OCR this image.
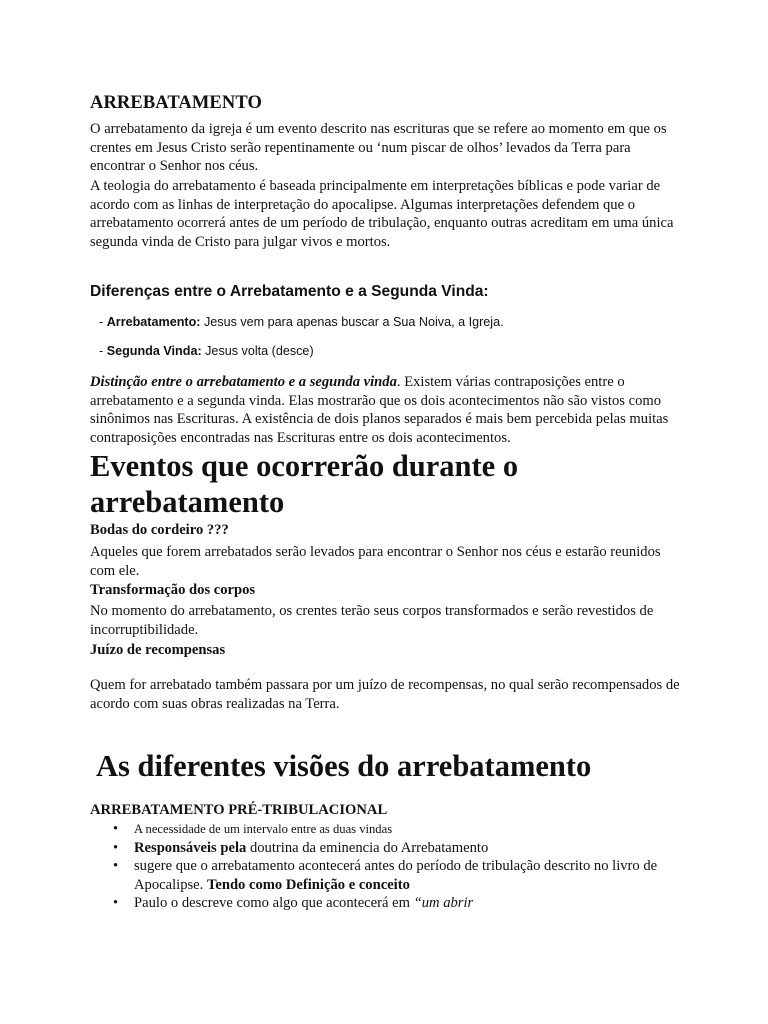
ARREBATAMENTO

O arrebatamento da igreja é um evento descrito nas escrituras que se refere ao momento em que os crentes em Jesus Cristo serão repentinamente ou ‘num piscar de olhos’ levados da Terra para encontrar o Senhor nos céus.

A teologia do arrebatamento é baseada principalmente em interpretações bíblicas e pode variar de acordo com as linhas de interpretação do apocalipse. Algumas interpretações defendem que o arrebatamento ocorrerá antes de um período de tribulação, enquanto outras acreditam em uma única segunda vinda de Cristo para julgar vivos e mortos.

Diferenças entre o Arrebatamento e a Segunda Vinda:
- Arrebatamento: Jesus vem para apenas buscar a Sua Noiva, a Igreja.
- Segunda Vinda: Jesus volta (desce)

Distinção entre o arrebatamento e a segunda vinda. Existem várias contraposições entre o arrebatamento e a segunda vinda. Elas mostrarão que os dois acontecimentos não são vistos como sinônimos nas Escrituras. A existência de dois planos separados é mais bem percebida pelas muitas contraposições encontradas nas Escrituras entre os dois acontecimentos.

Eventos que ocorrerão durante o arrebatamento
Bodas do cordeiro ???

Aqueles que forem arrebatados serão levados para encontrar o Senhor nos céus e estarão reunidos com ele.

Transformação dos corpos

No momento do arrebatamento, os crentes terão seus corpos transformados e serão revestidos de incorruptibilidade.

Juízo de recompensas

Quem for arrebatado também passara por um juízo de recompensas, no qual serão recompensados de acordo com suas obras realizadas na Terra.

As diferentes visões do arrebatamento
ARREBATAMENTO PRÉ-TRIBULACIONAL
• A necessidade de um intervalo entre as duas vindas
• Responsáveis pela doutrina da eminencia do Arrebatamento
• sugere que o arrebatamento acontecerá antes do período de tribulação descrito no livro de Apocalipse. Tendo como Definição e conceito
• Paulo o descreve como algo que acontecerá em “um abrir
